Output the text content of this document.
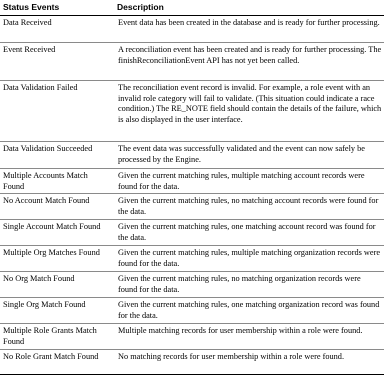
Status Events	Description
Data Received	Event data has been created in the database and is ready for further processing.
Event Received	A reconciliation event has been created and is ready for further processing. The finishReconciliationEvent API has not yet been called.
Data Validation Failed	The reconciliation event record is invalid. For example, a role event with an invalid role category will fail to validate. (This situation could indicate a race condition.) The RE_NOTE field should contain the details of the failure, which is also displayed in the user interface.
Data Validation Succeeded	The event data was successfully validated and the event can now safely be processed by the Engine.
Multiple Accounts Match Found	Given the current matching rules, multiple matching account records were found for the data.
No Account Match Found	Given the current matching rules, no matching account records were found for the data.
Single Account Match Found	Given the current matching rules, one matching account record was found for the data.
Multiple Org Matches Found	Given the current matching rules, multiple matching organization records were found for the data.
No Org Match Found	Given the current matching rules, no matching organization records were found for the data.
Single Org Match Found	Given the current matching rules, one matching organization record was found for the data.
Multiple Role Grants Match Found	Multiple matching records for user membership within a role were found.
No Role Grant Match Found	No matching records for user membership within a role were found.
